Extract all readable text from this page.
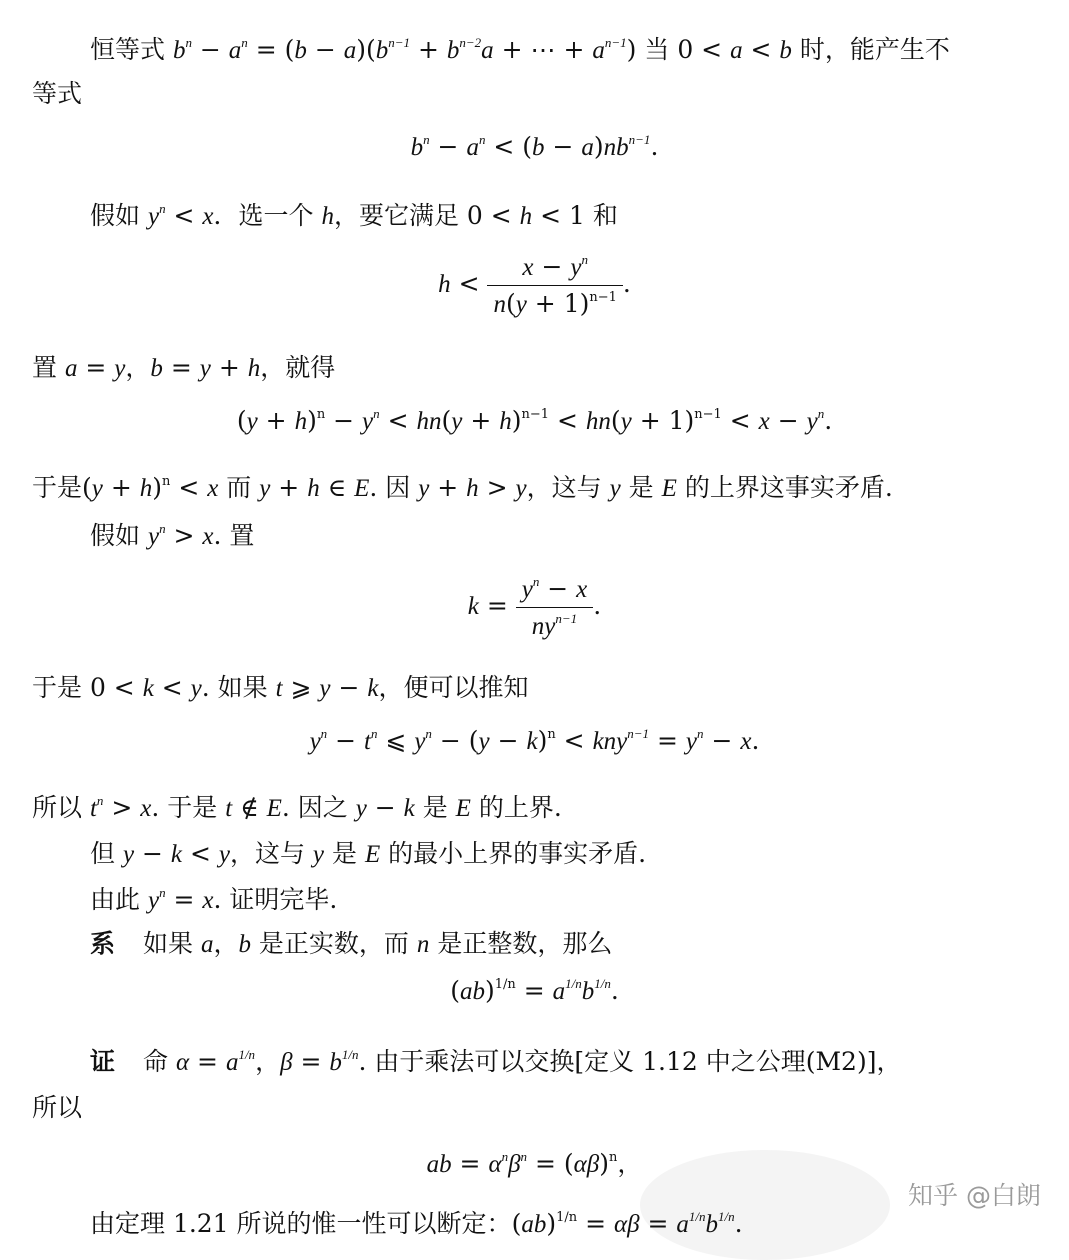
恒等式 $b^n - a^n = (b - a)(b^{n-1} + b^{n-2}a$ + ⋯ + $a^{n-1}$) 当 0 < a < b 时，能产生不
等式
$b^n - a^n < (b - a)nb^{n-1}$.
假如 $y^n < x$．选一个 h，要它满足 0 < h < 1 和
$h < \frac{x - y^n}{n(y + 1)^{n-1}}$ .
置 a = y，b = y + h，就得
$(y + h)^n - y^n < hn(y + h)^{n-1} < hn(y + 1)^{n-1} < x - y^n$.
于是$(y + h)^n < x$ 而 y + h ∈ E. 因 y + h > y，这与 y 是 E 的上界这事实矛盾.
假如 $y^n > x$. 置
$k = \frac{y^n - x}{ny^{n-1}}$ .
于是 0 < k < y. 如果 t ⩾ y − k，便可以推知
$y^n - t^n$ ⩽ $y^n - (y - k)^n < kny^{n-1} = y^n - x$.
所以 $t^n > x$. 于是 t ∉ E. 因之 y − k 是 E 的上界.
但 y − k < y，这与 y 是 E 的最小上界的事实矛盾.
由此 $y^n = x$. 证明完毕.
系 如果 a，b 是正实数，而 n 是正整数，那么
$(ab)^{1/n} = a^{1/n}b^{1/n}$.
证 命 $\alpha = a^{1/n}$，$\beta = b^{1/n}$. 由于乘法可以交换[定义 1.12 中之公理(M2)]，
所以
ab = $\alpha^n\beta^n = (\alpha\beta)^n$，
由定理 1.21 所说的惟一性可以断定：$(ab)^{1/n} = \alpha\beta = a^{1/n}b^{1/n}$.
知乎 @白朗
